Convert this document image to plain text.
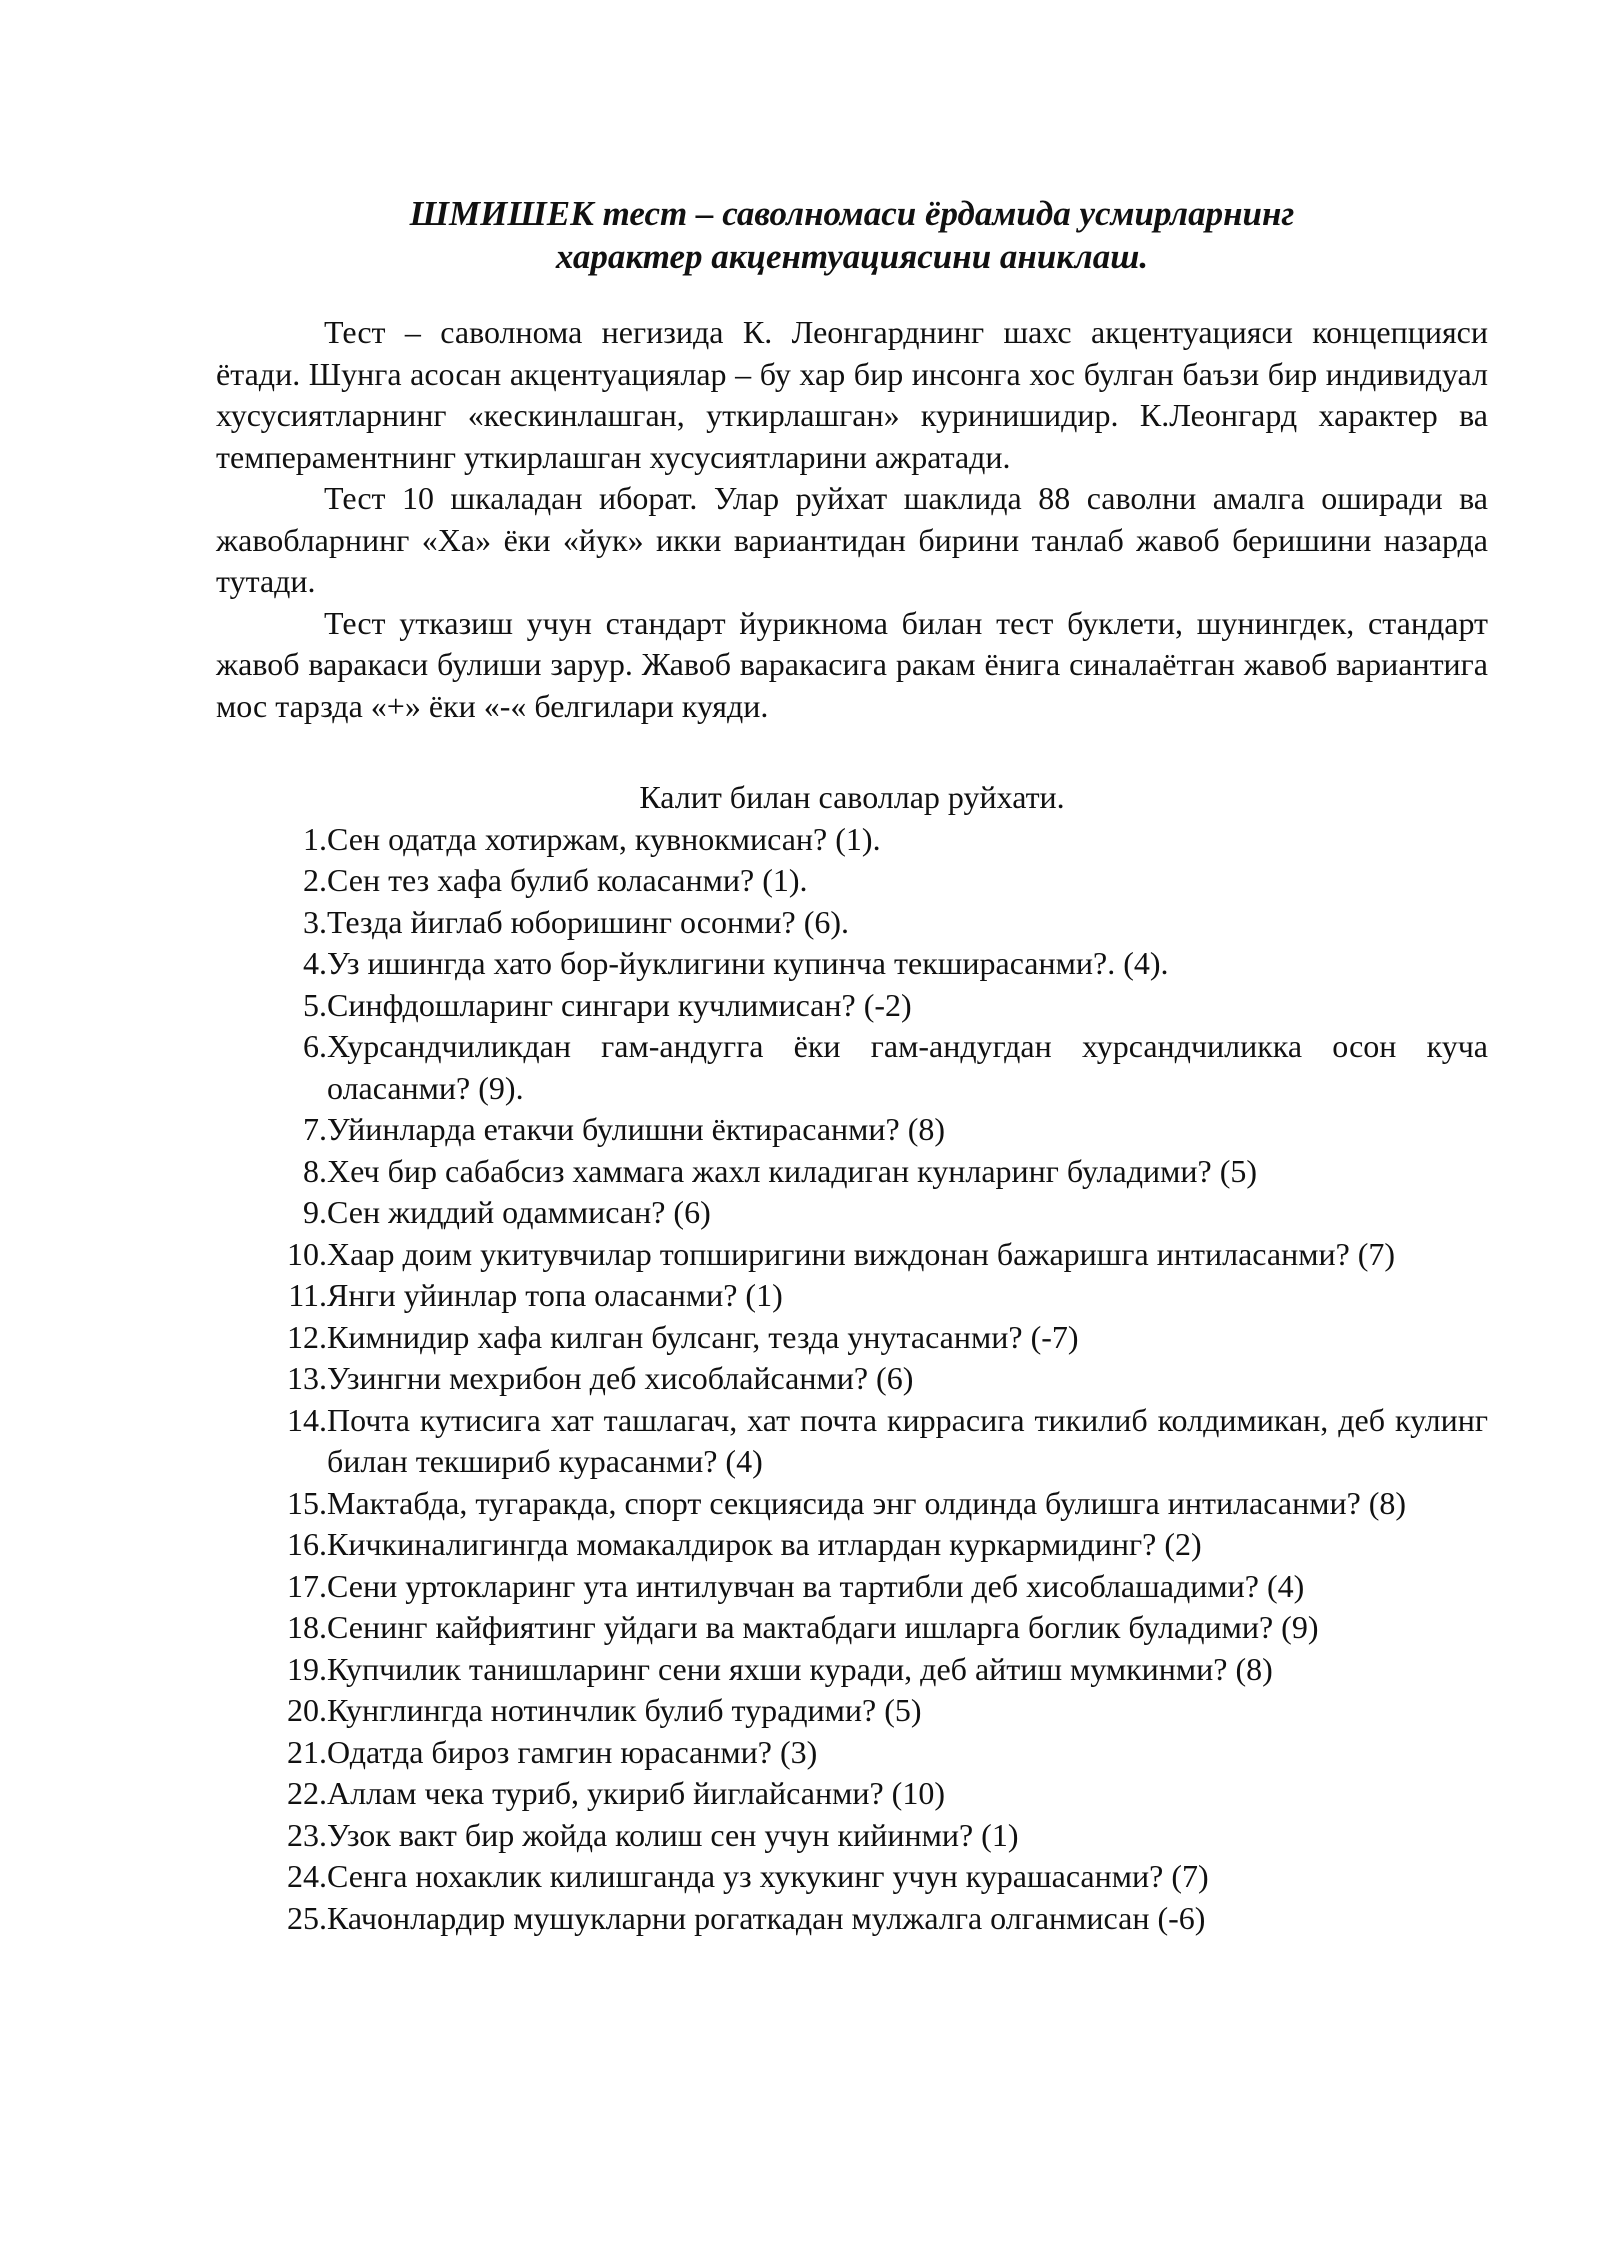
ШМИШЕК тест – саволномаси ёрдамида усмирларнинг
характер акцентуациясини аниклаш.

Тест – саволнома негизида К. Леонгарднинг шахс акцентуацияси концепцияси ётади. Шунга асосан акцентуациялар – бу хар бир инсонга хос булган баъзи бир индивидуал хусусиятларнинг «кескинлашган, уткирлашган» куринишидир. К.Леонгард характер ва темпераментнинг уткирлашган хусусиятларини ажратади.

Тест 10 шкаладан иборат. Улар руйхат шаклида 88 саволни амалга оширади ва жавобларнинг «Ха» ёки «йук» икки вариантидан бирини танлаб жавоб беришини назарда тутади.

Тест утказиш учун стандарт йурикнома билан тест буклети, шунингдек, стандарт жавоб варакаси булиши зарур. Жавоб варакасига ракам ёнига синалаётган жавоб вариантига мос тарзда «+» ёки «-« белгилари куяди.

Калит билан саволлар руйхати.
1. Сен одатда хотиржам, кувнокмисан? (1).
2. Сен тез хафа булиб коласанми? (1).
3. Тезда йиглаб юборишинг осонми? (6).
4. Уз ишингда хато бор-йуклигини купинча текширасанми?. (4).
5. Синфдошларинг сингари кучлимисан? (-2)
6. Хурсандчиликдан гам-андугга ёки гам-андугдан хурсандчиликка осон куча оласанми? (9).
7. Уйинларда етакчи булишни ёктирасанми? (8)
8. Хеч бир сабабсиз хаммага жахл киладиган кунларинг буладими? (5)
9. Сен жиддий одаммисан? (6)
10. Хаар доим укитувчилар топширигини виждонан бажаришга интиласанми? (7)
11. Янги уйинлар топа оласанми? (1)
12. Кимнидир хафа килган булсанг, тезда унутасанми? (-7)
13. Узингни мехрибон деб хисоблайсанми? (6)
14. Почта кутисига хат ташлагач, хат почта киррасига тикилиб колдимикан, деб кулинг билан текшириб курасанми? (4)
15. Мактабда, тугаракда, спорт секциясида энг олдинда булишга интиласанми? (8)
16. Кичкиналигингда момакалдирок ва итлардан куркармидинг? (2)
17. Сени уртокларинг ута интилувчан ва тартибли деб хисоблашадими? (4)
18. Сенинг кайфиятинг уйдаги ва мактабдаги ишларга боглик буладими? (9)
19. Купчилик танишларинг сени яхши куради, деб айтиш мумкинми? (8)
20. Кунглингда нотинчлик булиб турадими? (5)
21. Одатда бироз гамгин юрасанми? (3)
22. Аллам чека туриб, укириб йиглайсанми? (10)
23. Узок вакт бир жойда колиш сен учун кийинми? (1)
24. Сенга нохаклик килишганда уз хукукинг учун курашасанми? (7)
25. Качонлардир мушукларни рогаткадан мулжалга олганмисан (-6)
